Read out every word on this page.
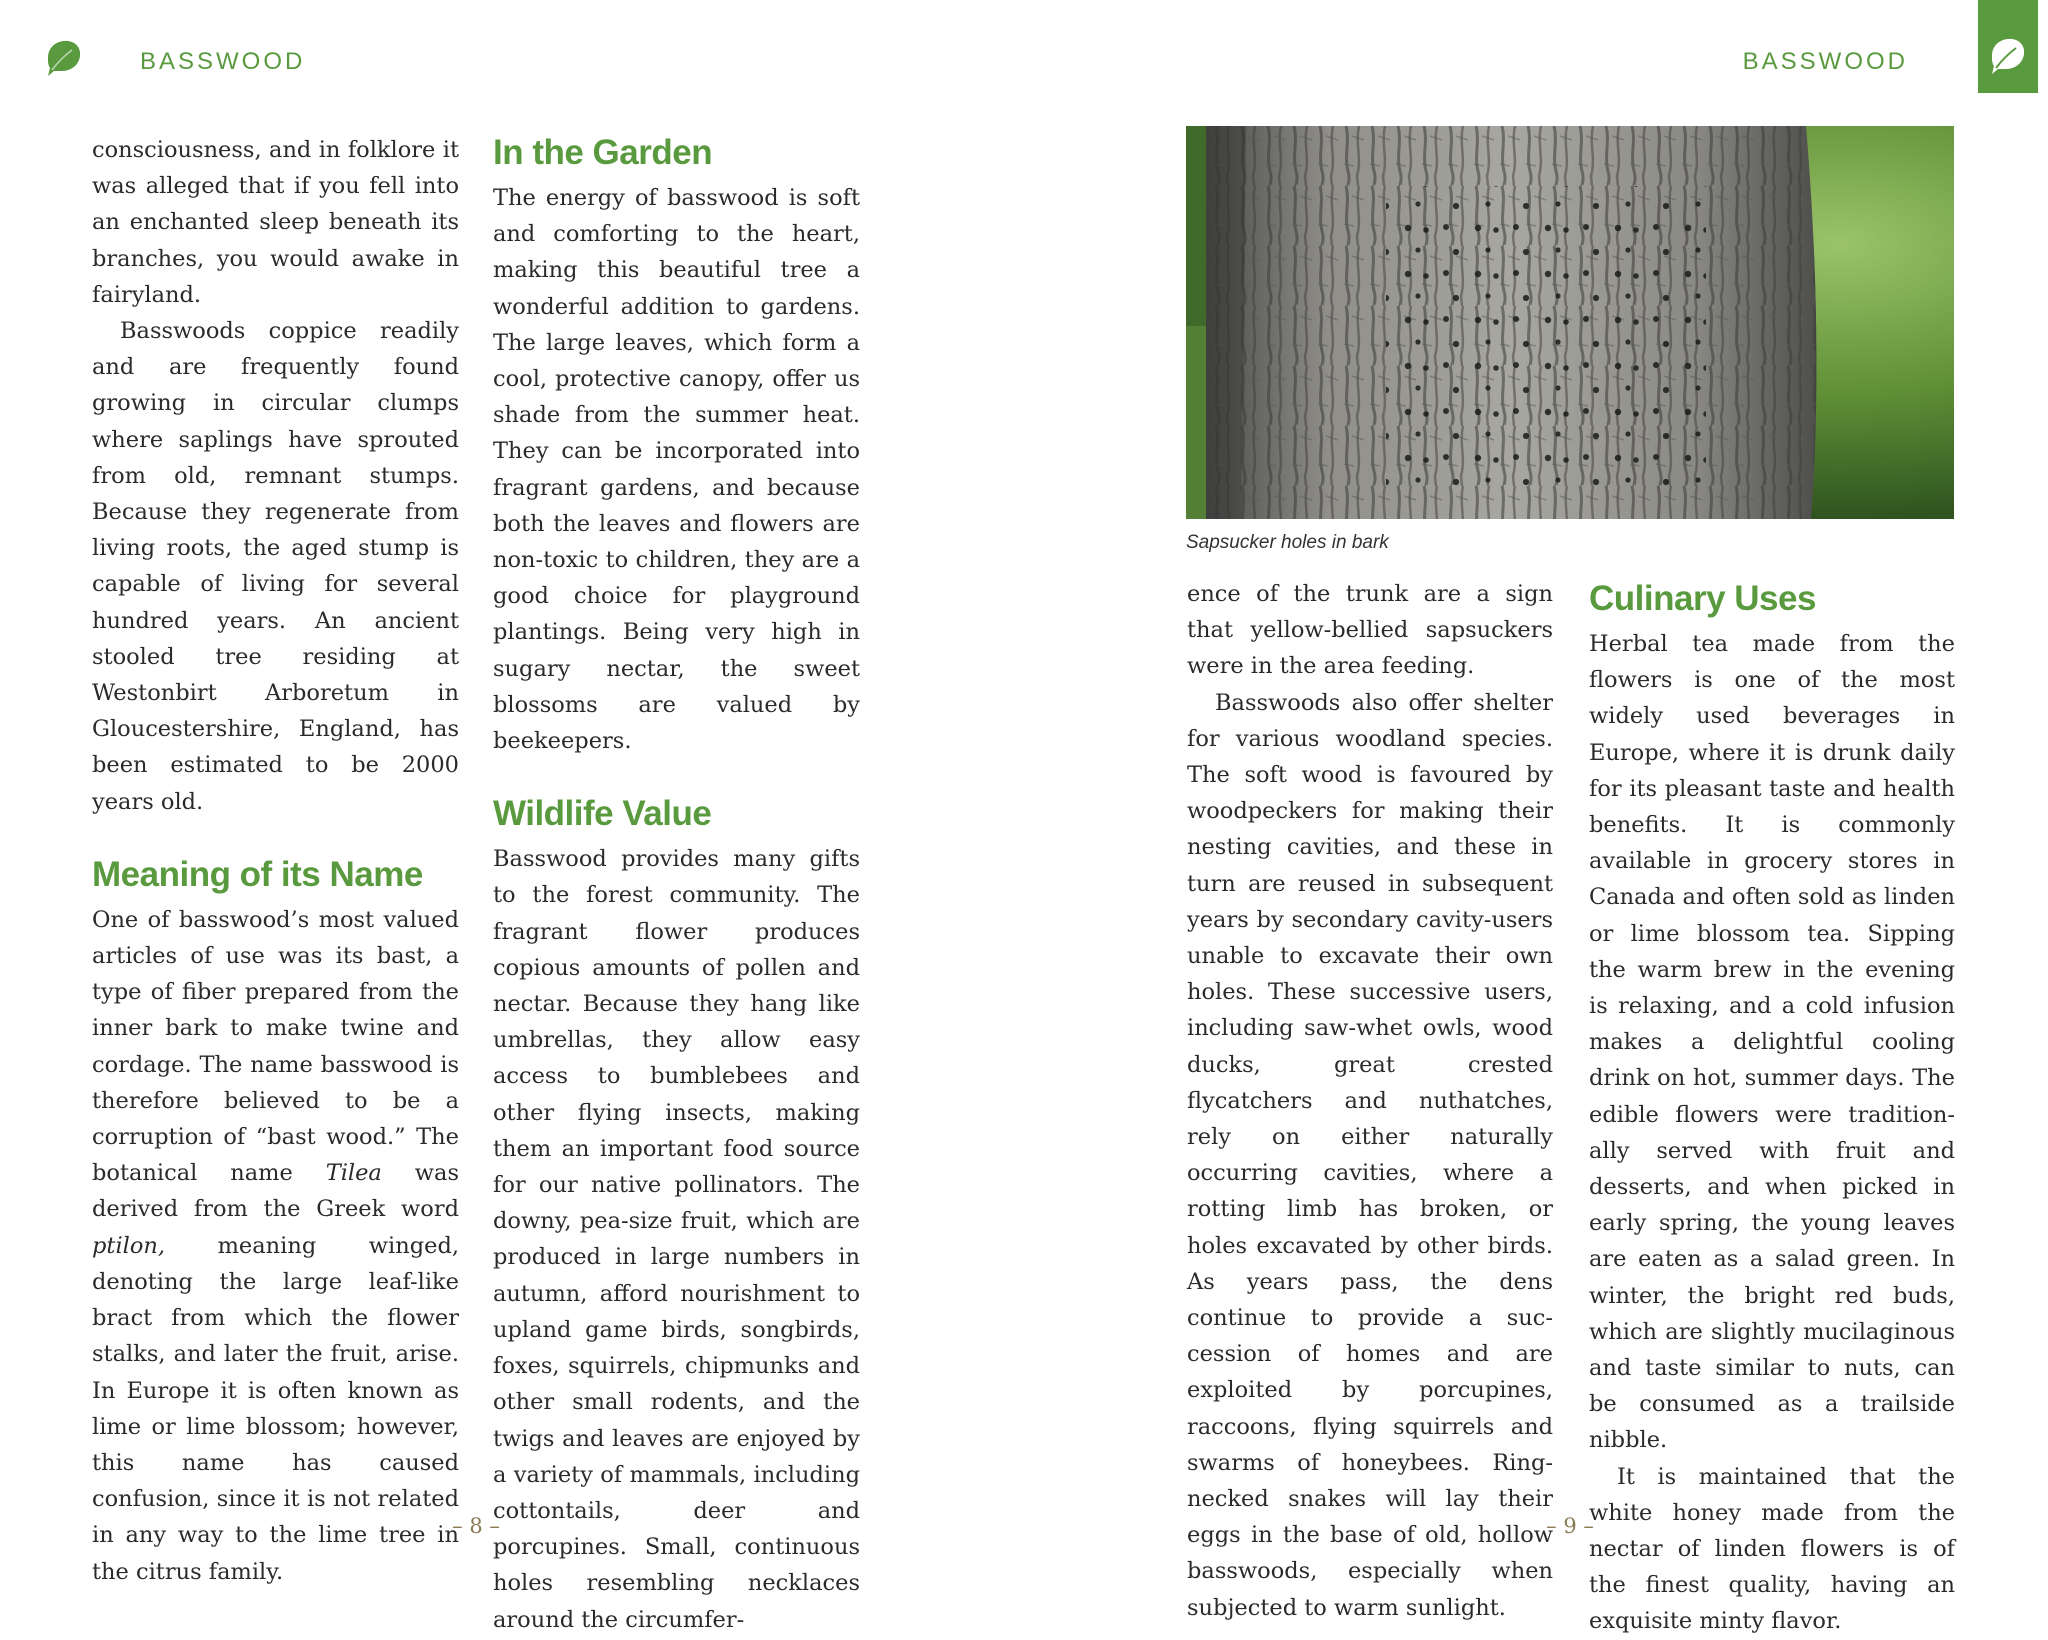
BASSWOOD

consciousness, and in folklore it was alleged that if you fell into an enchanted sleep beneath its branches, you would awake in fairyland.

Basswoods coppice readily and are frequently found growing in circular clumps where saplings have sprouted from old, remnant stumps. Because they regenerate from living roots, the aged stump is capable of living for several hundred years. An ancient stooled tree residing at Westonbirt Arboretum in Gloucestershire, England, has been estimated to be 2000 years old.

Meaning of its Name

One of basswood’s most valued articles of use was its bast, a type of fiber prepared from the inner bark to make twine and cordage. The name basswood is therefore believed to be a corruption of “bast wood.” The botanical name Tilea was derived from the Greek word ptilon, meaning winged, denoting the large leaf-like bract from which the flower stalks, and later the fruit, arise. In Europe it is often known as lime or lime blossom; however, this name has caused confusion, since it is not related in any way to the lime tree in the citrus family.

In the Garden

The energy of basswood is soft and comforting to the heart, making this beautiful tree a wonderful addition to gardens. The large leaves, which form a cool, protective canopy, offer us shade from the summer heat. They can be incorporated into fragrant gardens, and because both the leaves and flowers are non-toxic to children, they are a good choice for playground plantings. Being very high in sugary nectar, the sweet blossoms are valued by beekeepers.

Wildlife Value

Basswood provides many gifts to the forest community. The fragrant flower produces copious amounts of pollen and nectar. Because they hang like umbrellas, they allow easy access to bumblebees and other flying insects, making them an important food source for our native pollinators. The downy, pea-size fruit, which are produced in large numbers in autumn, afford nourishment to upland game birds, songbirds, foxes, squirrels, chipmunks and other small rodents, and the twigs and leaves are enjoyed by a variety of mammals, including cottontails, deer and porcupines. Small, continuous holes resembling necklaces around the circumfer-

– 8 –
BASSWOOD
Sapsucker holes in bark

ence of the trunk are a sign that yellow-bellied sapsuckers were in the area feeding.

Basswoods also offer shelter for various woodland species. The soft wood is favoured by woodpeckers for making their nesting cavities, and these in turn are reused in subsequent years by secondary cavity-users unable to excavate their own holes. These successive users, including saw-whet owls, wood ducks, great crested flycatchers and nuthatches, rely on either naturally occurring cavities, where a rotting limb has broken, or holes excavated by other birds. As years pass, the dens continue to provide a succession of homes and are exploited by porcupines, raccoons, flying squirrels and swarms of honeybees. Ring-necked snakes will lay their eggs in the base of old, hollow basswoods, especially when subjected to warm sunlight.

Culinary Uses

Herbal tea made from the flowers is one of the most widely used beverages in Europe, where it is drunk daily for its pleasant taste and health benefits. It is commonly available in grocery stores in Canada and often sold as linden or lime blossom tea. Sipping the warm brew in the evening is relaxing, and a cold infusion makes a delightful cooling drink on hot, summer days. The edible flowers were traditionally served with fruit and desserts, and when picked in early spring, the young leaves are eaten as a salad green. In winter, the bright red buds, which are slightly mucilaginous and taste similar to nuts, can be consumed as a trailside nibble.

It is maintained that the white honey made from the nectar of linden flowers is of the finest quality, having an exquisite minty flavor.

– 9 –
